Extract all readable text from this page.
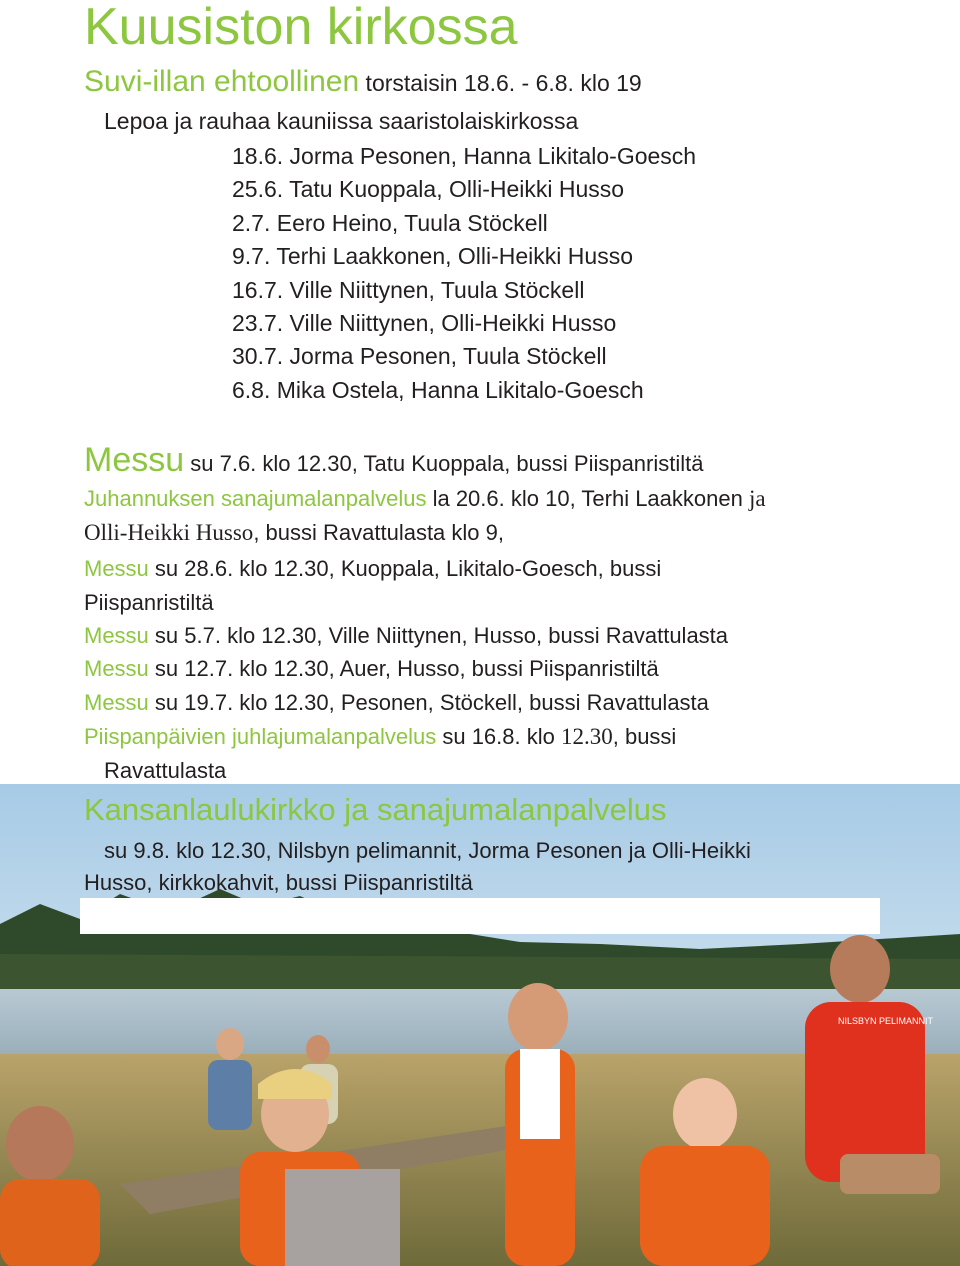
NILSBYN PELIMANNIT
Kuusiston kirkossa
Suvi-illan ehtoollinen torstaisin 18.6. - 6.8. klo 19
Lepoa ja rauhaa kauniissa saaristolaiskirkossa
18.6. Jorma Pesonen, Hanna Likitalo-Goesch
25.6. Tatu Kuoppala, Olli-Heikki Husso
2.7. Eero Heino, Tuula Stöckell
9.7. Terhi Laakkonen, Olli-Heikki Husso
16.7. Ville Niittynen, Tuula Stöckell
23.7. Ville Niittynen, Olli-Heikki Husso
30.7. Jorma Pesonen, Tuula Stöckell
6.8. Mika Ostela, Hanna Likitalo-Goesch
Messu su 7.6. klo 12.30, Tatu Kuoppala, bussi Piispanristiltä
Juhannuksen sanajumalanpalvelus la 20.6. klo 10, Terhi Laakkonen ja
Olli-Heikki Husso, bussi Ravattulasta klo 9,
Messu su 28.6. klo 12.30, Kuoppala, Likitalo-Goesch, bussi
Piispanristiltä
Messu su 5.7. klo 12.30, Ville Niittynen, Husso, bussi Ravattulasta
Messu su 12.7. klo 12.30, Auer, Husso, bussi Piispanristiltä
Messu su 19.7. klo 12.30, Pesonen, Stöckell, bussi Ravattulasta
Piispanpäivien juhlajumalanpalvelus su 16.8. klo 12.30, bussi
Ravattulasta
Kansanlaulukirkko ja sanajumalanpalvelus
su 9.8. klo 12.30, Nilsbyn pelimannit, Jorma Pesonen ja Olli-Heikki
Husso, kirkkokahvit, bussi Piispanristiltä
